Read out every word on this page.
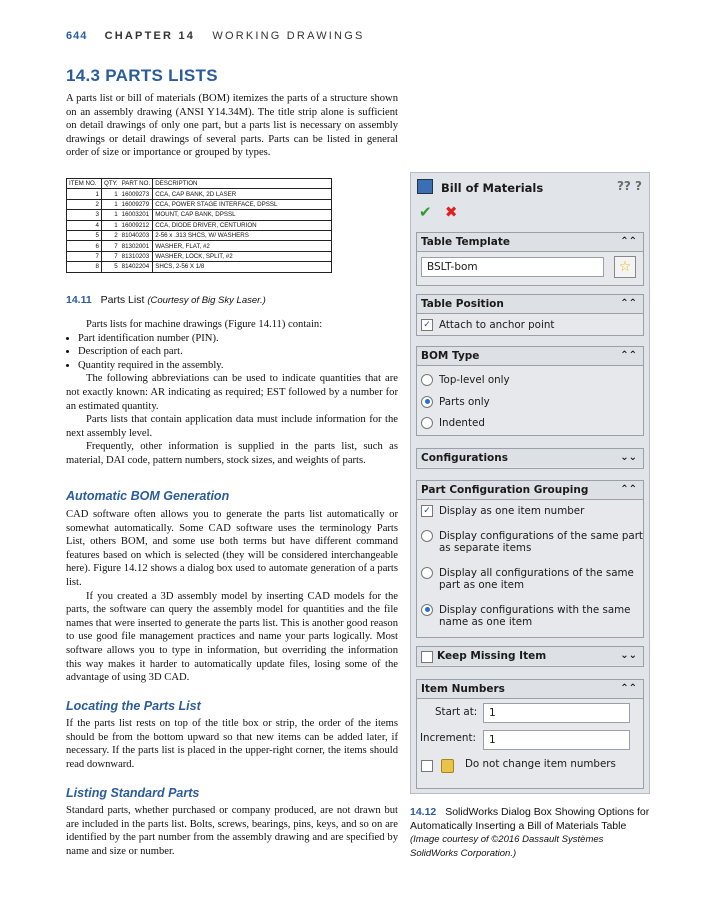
644 CHAPTER 14 WORKING DRAWINGS
14.3 PARTS LISTS

A parts list or bill of materials (BOM) itemizes the parts of a structure shown on an assembly drawing (ANSI Y14.34M). The title strip alone is sufficient on detail drawings of only one part, but a parts list is necessary on assembly drawings or detail drawings of several parts. Parts can be listed in general order of size or importance or grouped by types.

ITEM NO.	QTY.	PART NO.	DESCRIPTION
1	1	16009273	CCA, CAP BANK, 2D LASER
2	1	16009279	CCA, POWER STAGE INTERFACE, DPSSL
3	1	16003201	MOUNT, CAP BANK, DPSSL
4	1	16009212	CCA, DIODE DRIVER, CENTURION
5	2	81040203	2-56 x .313 SHCS, W/ WASHERS
6	7	81302001	WASHER, FLAT, #2
7	7	81310203	WASHER, LOCK, SPLIT, #2
8	5	81402204	SHCS, 2-56 X 1/8
14.11 Parts List (Courtesy of Big Sky Laser.)

Parts lists for machine drawings (Figure 14.11) contain:

• Part identification number (PIN).
• Description of each part.
• Quantity required in the assembly.

The following abbreviations can be used to indicate quantities that are not exactly known: AR indicating as required; EST followed by a number for an estimated quantity.

Parts lists that contain application data must include information for the next assembly level.

Frequently, other information is supplied in the parts list, such as material, DAI code, pattern numbers, stock sizes, and weights of parts.

Automatic BOM Generation

CAD software often allows you to generate the parts list automatically or somewhat automatically. Some CAD software uses the terminology Parts List, others BOM, and some use both terms but have different command features based on which is selected (they will be considered interchangeable here). Figure 14.12 shows a dialog box used to automate generation of a parts list.

If you created a 3D assembly model by inserting CAD models for the parts, the software can query the assembly model for quantities and the file names that were inserted to generate the parts list. This is another good reason to use good file management practices and name your parts logically. Most software allows you to type in information, but overriding the information this way makes it harder to automatically update files, losing some of the advantage of using 3D CAD.

Locating the Parts List

If the parts list rests on top of the title box or strip, the order of the items should be from the bottom upward so that new items can be added later, if necessary. If the parts list is placed in the upper-right corner, the items should read downward.

Listing Standard Parts

Standard parts, whether purchased or company produced, are not drawn but are included in the parts list. Bolts, screws, bearings, pins, keys, and so on are identified by the part number from the assembly drawing and are specified by name and size or number.

Bill of Materials	?? ?
✔ ✖
Table Template	⌃⌃
BSLT-bom	☆
Table Position	⌃⌃
✓ Attach to anchor point
BOM Type	⌃⌃
Top-level only
Parts only
Indented
Configurations	⌄⌄
Part Configuration Grouping	⌃⌃
✓ Display as one item number
Display configurations of the same part as separate items
Display all configurations of the same part as one item
Display configurations with the same name as one item
Keep Missing Item	⌄⌄
Item Numbers	⌃⌃
Start at:	1
Increment:	1
Do not change item numbers
14.12 SolidWorks Dialog Box Showing Options for Automatically Inserting a Bill of Materials Table (Image courtesy of ©2016 Dassault Systèmes SolidWorks Corporation.)
